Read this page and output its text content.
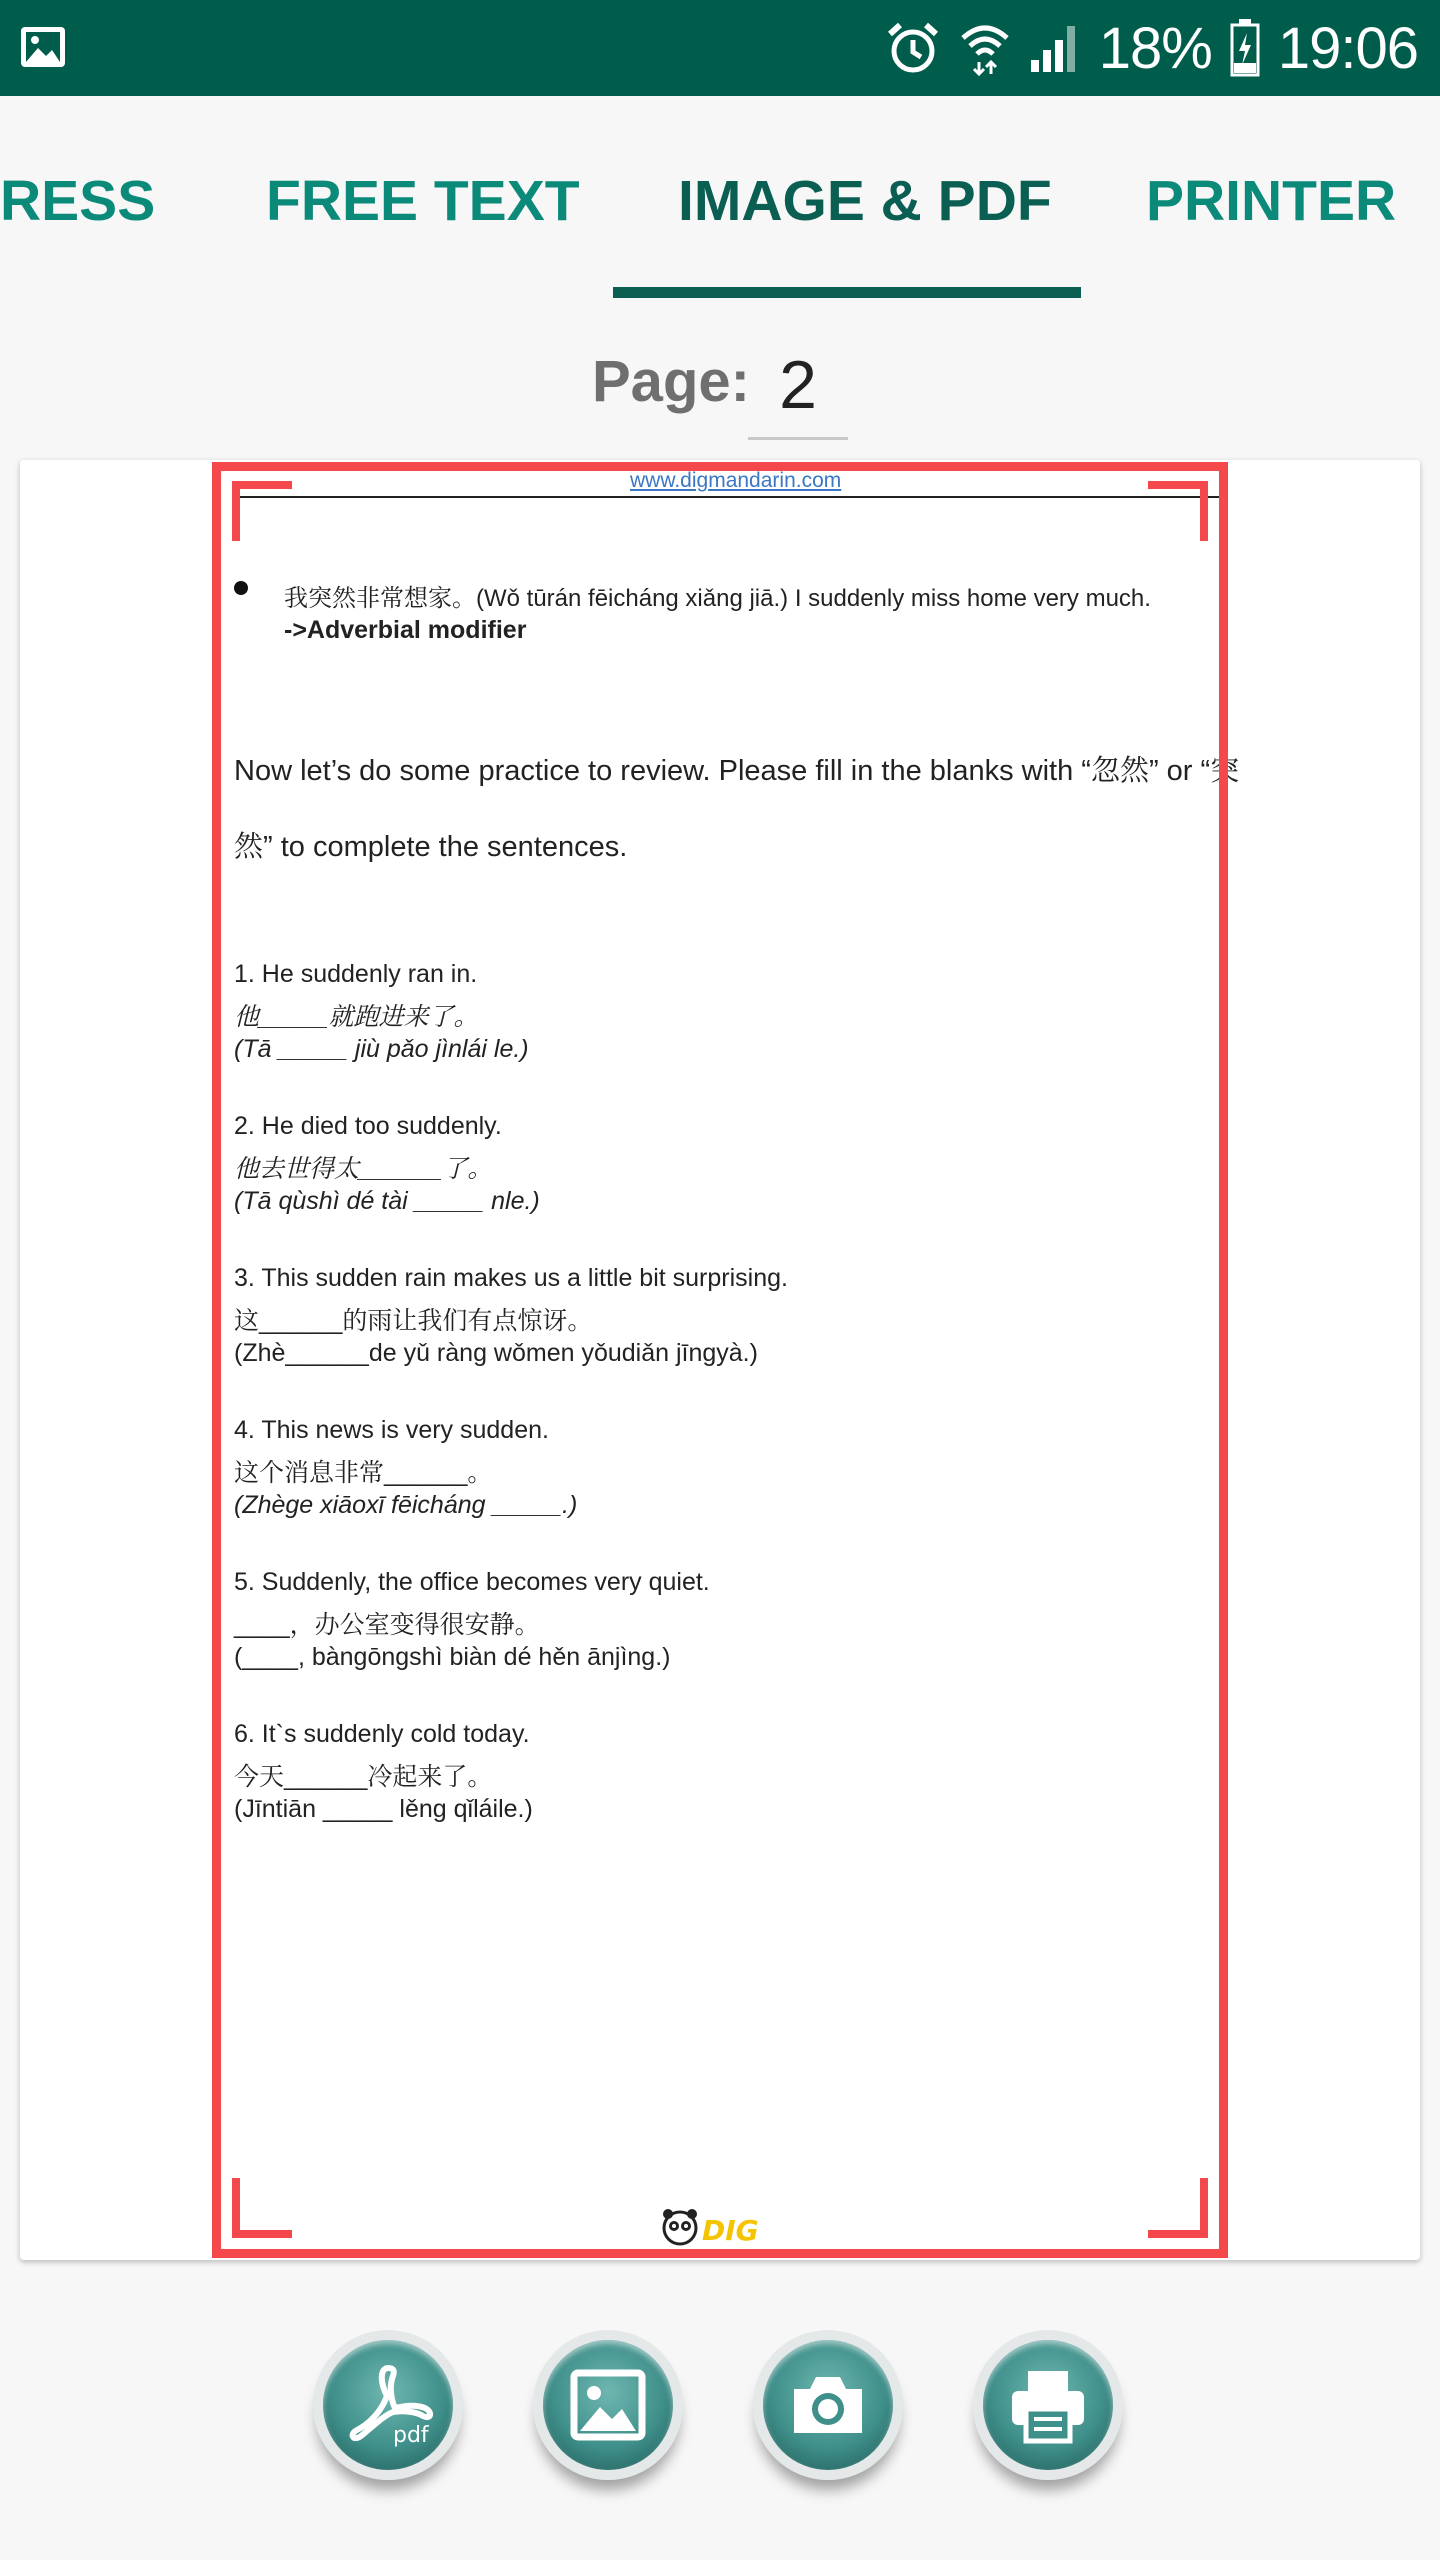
18% 19:06
RESS FREE TEXT IMAGE & PDF PRINTER
Page: 2
www.digmandarin.com
我突然非常想家。(Wǒ tūrán fēicháng xiǎng jiā.) I suddenly miss home very much.
->Adverbial modifier
Now let’s do some practice to review. Please fill in the blanks with “忽然” or “突
然” to complete the sentences.
1. He suddenly ran in.
他_____就跑进来了。
(Tā _____ jiù pǎo jìnlái le.)
2. He died too suddenly.
他去世得太______了。
(Tā qùshì dé tài _____ nle.)
3. This sudden rain makes us a little bit surprising.
这______的雨让我们有点惊讶。
(Zhè______de yǔ ràng wǒmen yǒudiǎn jīngyà.)
4. This news is very sudden.
这个消息非常______。
(Zhège xiāoxī fēicháng _____.)
5. Suddenly, the office becomes very quiet.
____，办公室变得很安静。
(____, bàngōngshì biàn dé hěn ānjìng.)
6. It`s suddenly cold today.
今天______冷起来了。
(Jīntiān _____ lěng qǐláile.)
DIG
pdf
